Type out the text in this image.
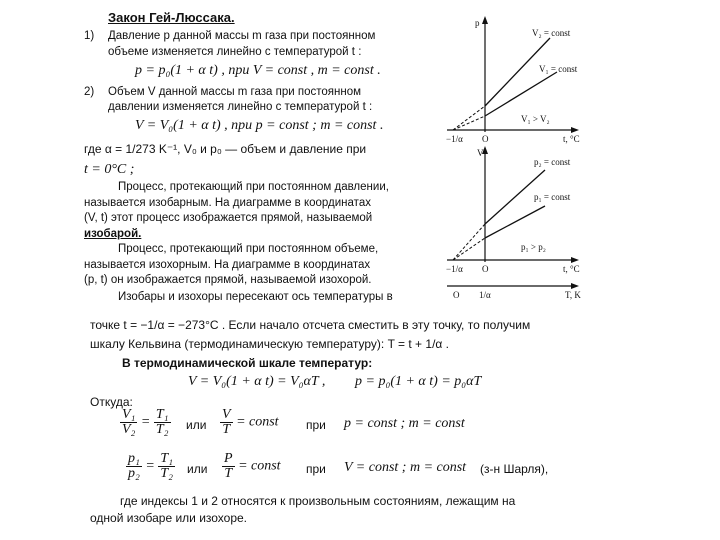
Закон Гей-Люссака.
1) Давление p данной массы m газа при постоянном
объеме изменяется линейно с температурой t :
p = p₀(1 + α t) , при V = const , m = const .
2) Объем V данной массы m газа при постоянном
давлении изменяется линейно с температурой t :
V = V₀(1 + α t) , при p = const ; m = const .
где α = 1/273 K⁻¹, V₀ и p₀ — объем и давление при
t = 0°C ;
Процесс, протекающий при постоянном давлении,
называется изобарным. На диаграмме в координатах
(V, t) этот процесс изображается прямой, называемой
изобарой.
Процесс, протекающий при постоянном объеме,
называется изохорным. На диаграмме в координатах
(p, t) он изображается прямой, называемой изохорой.
Изобары и изохоры пересекают ось температуры в
p
t, °C
V₂ = const
V₁ = const
V₁ > V₂
−1/α O
V
t, °C
p₂ = const
p₁ = const
p₁ > p₂
−1/α O
O 1/α	T, K
точке t = −1/α = −273°C . Если начало отсчета сместить в эту точку, то получим
шкалу Кельвина (термодинамическую температуру): T = t + 1/α .
В термодинамической шкале температур:
V = V₀(1 + α t) = V₀αT , p = p₀(1 + α t) = p₀αT
Откуда:
$\frac{\text{V₁}}{\text{V₂}} = \frac{\text{T₁}}{\text{T₂}}$ или $\frac{V}{T}$ = const при p = const ; m = const
$\frac{\text{p₁}}{\text{p₂}} = \frac{\text{T₁}}{\text{T₂}}$ или $\frac{P}{T}$ = const при V = const ; m = const (з-н Шарля),
где индексы 1 и 2 относятся к произвольным состояниям, лежащим на
одной изобаре или изохоре.
